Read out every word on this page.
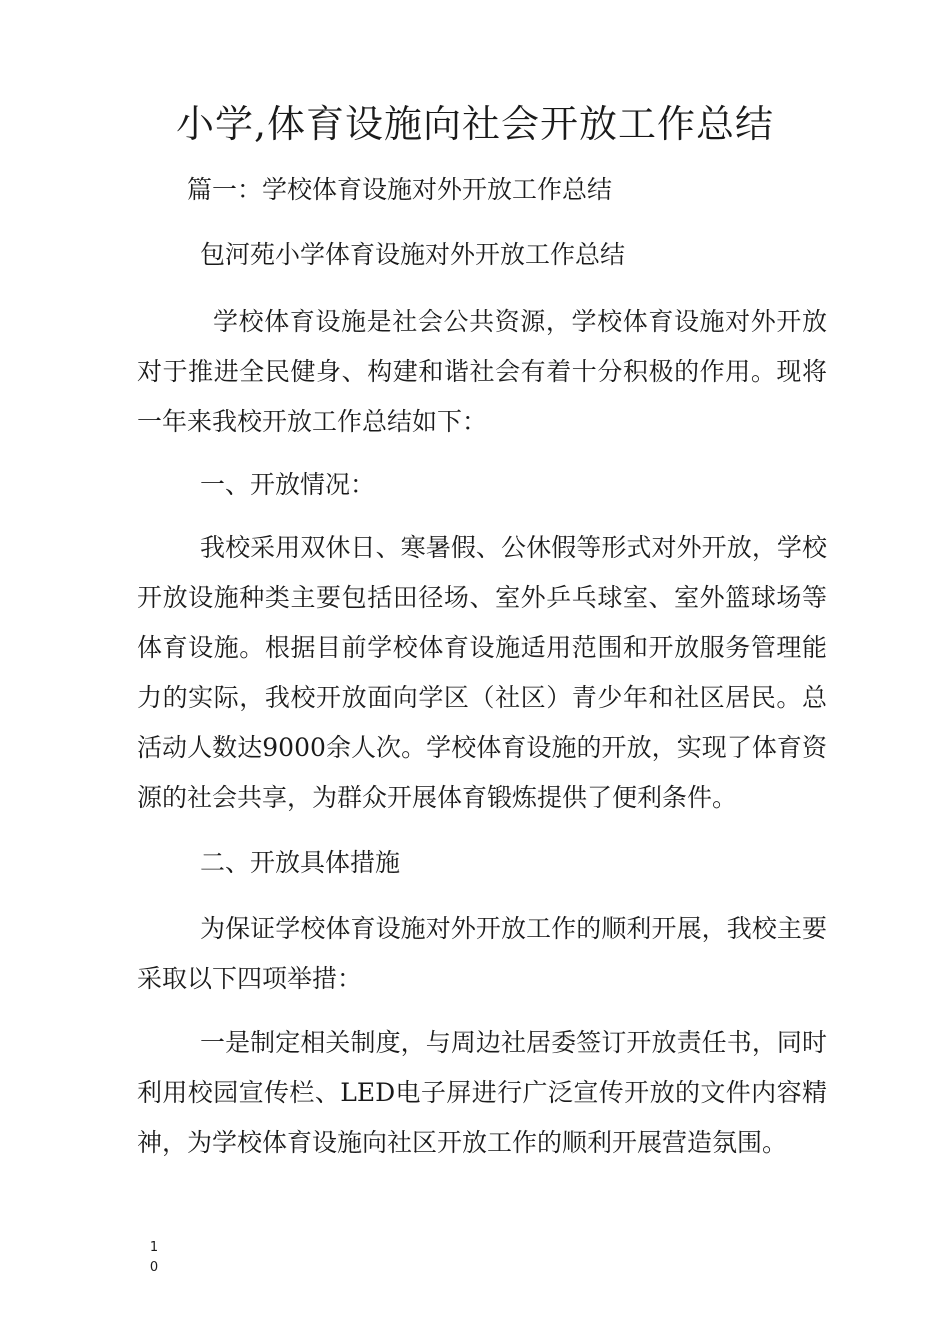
小学,体育设施向社会开放工作总结
篇一：学校体育设施对外开放工作总结
包河苑小学体育设施对外开放工作总结
学校体育设施是社会公共资源，学校体育设施对外开放对于推进全民健身、构建和谐社会有着十分积极的作用。现将一年来我校开放工作总结如下：
一、开放情况：
我校采用双休日、寒暑假、公休假等形式对外开放，学校开放设施种类主要包括田径场、室外乒乓球室、室外篮球场等体育设施。根据目前学校体育设施适用范围和开放服务管理能力的实际，我校开放面向学区（社区）青少年和社区居民。总活动人数达9000余人次。学校体育设施的开放，实现了体育资源的社会共享，为群众开展体育锻炼提供了便利条件。
二、开放具体措施
为保证学校体育设施对外开放工作的顺利开展，我校主要采取以下四项举措：
一是制定相关制度，与周边社居委签订开放责任书，同时利用校园宣传栏、LED电子屏进行广泛宣传开放的文件内容精神，为学校体育设施向社区开放工作的顺利开展营造氛围。
10
